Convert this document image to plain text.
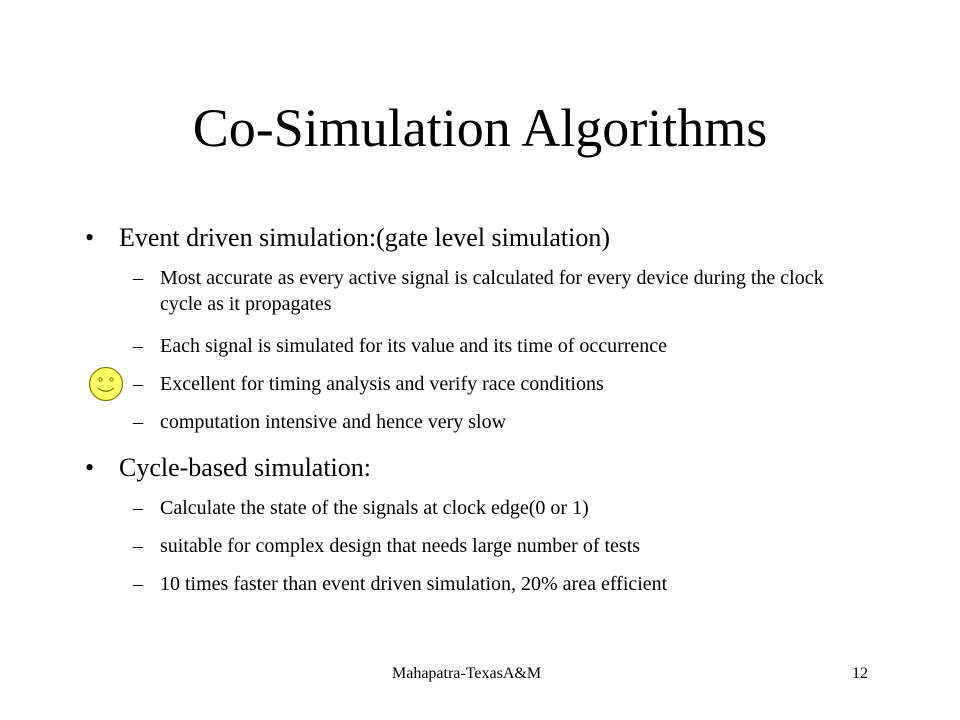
Co-Simulation Algorithms
• Event driven simulation:(gate level simulation)
– Most accurate as every active signal is calculated for every device during the clock cycle as it propagates
– Each signal is simulated for its value and its time of occurrence
– Excellent for timing analysis and verify race conditions
– computation intensive and hence very slow
• Cycle-based simulation:
– Calculate the state of the signals at clock edge(0 or 1)
– suitable for complex design that needs large number of tests
– 10 times faster than event driven simulation, 20% area efficient
Mahapatra-TexasA&M	12
